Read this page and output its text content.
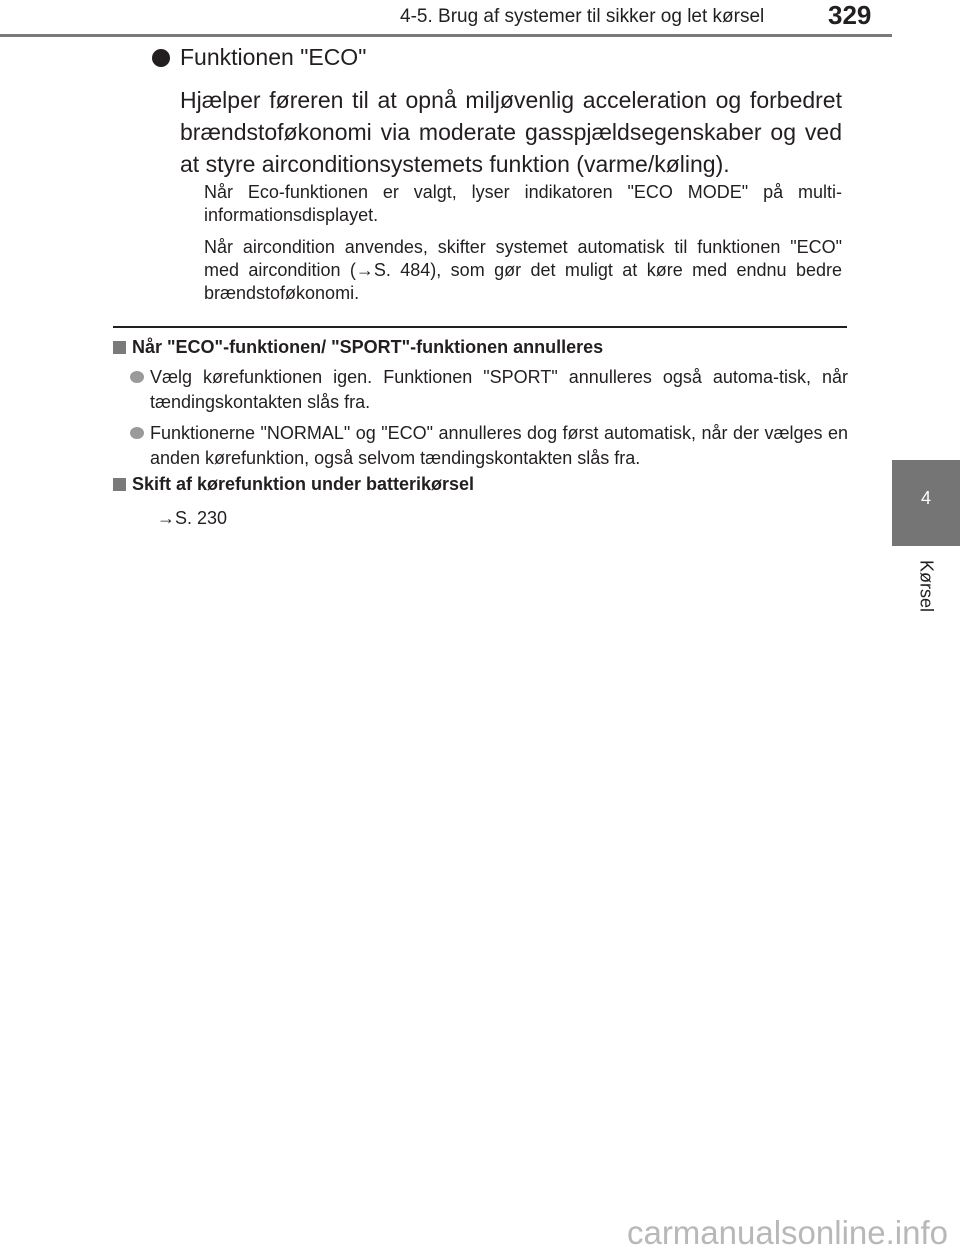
4-5. Brug af systemer til sikker og let kørsel 329
4
Kørsel
Funktionen "ECO"
Hjælper føreren til at opnå miljøvenlig acceleration og forbedret brændstoføkonomi via moderate gasspjældsegenskaber og ved at styre airconditionsystemets funktion (varme/køling).
Når Eco-funktionen er valgt, lyser indikatoren "ECO MODE" på multi-informationsdisplayet.
Når aircondition anvendes, skifter systemet automatisk til funktionen "ECO" med aircondition (→S. 484), som gør det muligt at køre med endnu bedre brændstoføkonomi.
Når "ECO"-funktionen/ "SPORT"-funktionen annulleres
Vælg kørefunktionen igen. Funktionen "SPORT" annulleres også automa-tisk, når tændingskontakten slås fra.
Funktionerne "NORMAL" og "ECO" annulleres dog først automatisk, når der vælges en anden kørefunktion, også selvom tændingskontakten slås fra.
Skift af kørefunktion under batterikørsel
→S. 230
carmanualsonline.info
